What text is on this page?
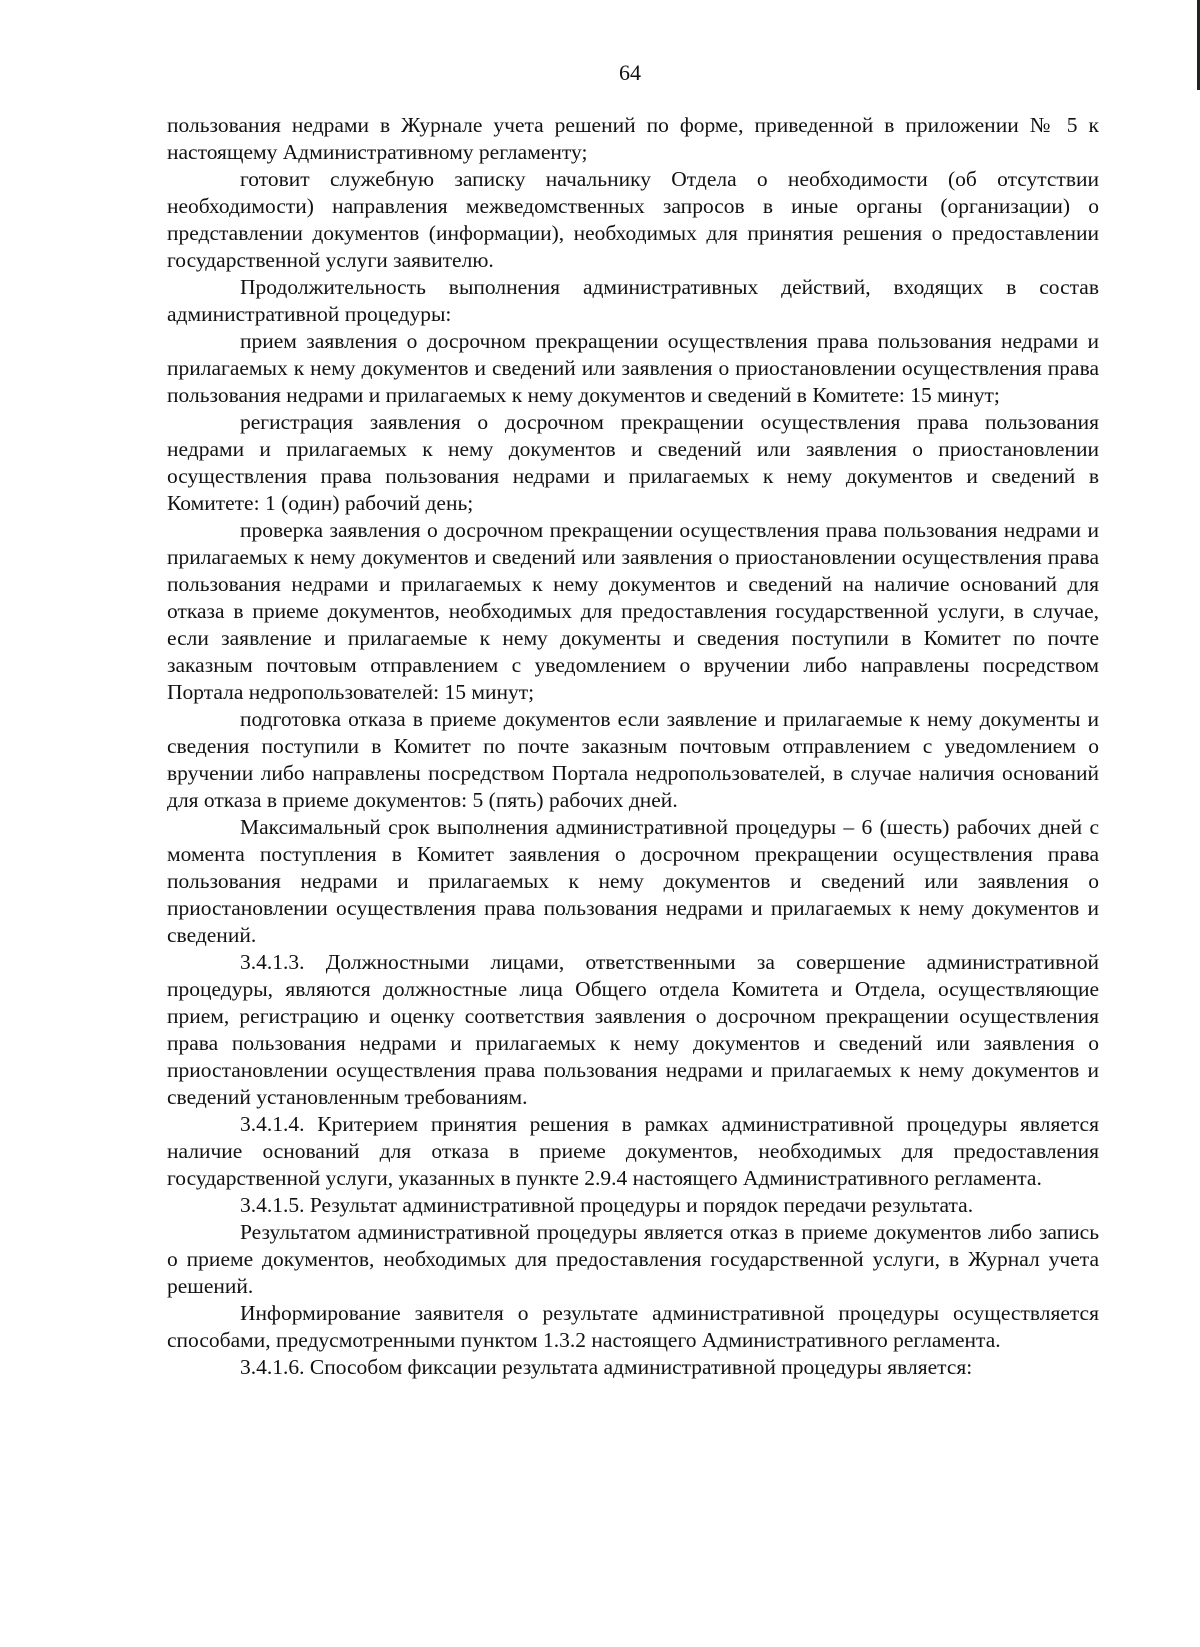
64

пользования недрами в Журнале учета решений по форме, приведенной в приложении № 5 к настоящему Административному регламенту;

готовит служебную записку начальнику Отдела о необходимости (об отсутствии необходимости) направления межведомственных запросов в иные органы (организации) о представлении документов (информации), необходимых для принятия решения о предоставлении государственной услуги заявителю.

Продолжительность выполнения административных действий, входящих в состав административной процедуры:

прием заявления о досрочном прекращении осуществления права пользования недрами и прилагаемых к нему документов и сведений или заявления о приостановлении осуществления права пользования недрами и прилагаемых к нему документов и сведений в Комитете: 15 минут;

регистрация заявления о досрочном прекращении осуществления права пользования недрами и прилагаемых к нему документов и сведений или заявления о приостановлении осуществления права пользования недрами и прилагаемых к нему документов и сведений в Комитете: 1 (один) рабочий день;

проверка заявления о досрочном прекращении осуществления права пользования недрами и прилагаемых к нему документов и сведений или заявления о приостановлении осуществления права пользования недрами и прилагаемых к нему документов и сведений на наличие оснований для отказа в приеме документов, необходимых для предоставления государственной услуги, в случае, если заявление и прилагаемые к нему документы и сведения поступили в Комитет по почте заказным почтовым отправлением с уведомлением о вручении либо направлены посредством Портала недропользователей: 15 минут;

подготовка отказа в приеме документов если заявление и прилагаемые к нему документы и сведения поступили в Комитет по почте заказным почтовым отправлением с уведомлением о вручении либо направлены посредством Портала недропользователей, в случае наличия оснований для отказа в приеме документов: 5 (пять) рабочих дней.

Максимальный срок выполнения административной процедуры – 6 (шесть) рабочих дней с момента поступления в Комитет заявления о досрочном прекращении осуществления права пользования недрами и прилагаемых к нему документов и сведений или заявления о приостановлении осуществления права пользования недрами и прилагаемых к нему документов и сведений.

3.4.1.3. Должностными лицами, ответственными за совершение административной процедуры, являются должностные лица Общего отдела Комитета и Отдела, осуществляющие прием, регистрацию и оценку соответствия заявления о досрочном прекращении осуществления права пользования недрами и прилагаемых к нему документов и сведений или заявления о приостановлении осуществления права пользования недрами и прилагаемых к нему документов и сведений установленным требованиям.

3.4.1.4. Критерием принятия решения в рамках административной процедуры является наличие оснований для отказа в приеме документов, необходимых для предоставления государственной услуги, указанных в пункте 2.9.4 настоящего Административного регламента.

3.4.1.5. Результат административной процедуры и порядок передачи результата.

Результатом административной процедуры является отказ в приеме документов либо запись о приеме документов, необходимых для предоставления государственной услуги, в Журнал учета решений.

Информирование заявителя о результате административной процедуры осуществляется способами, предусмотренными пунктом 1.3.2 настоящего Административного регламента.

3.4.1.6. Способом фиксации результата административной процедуры является:
